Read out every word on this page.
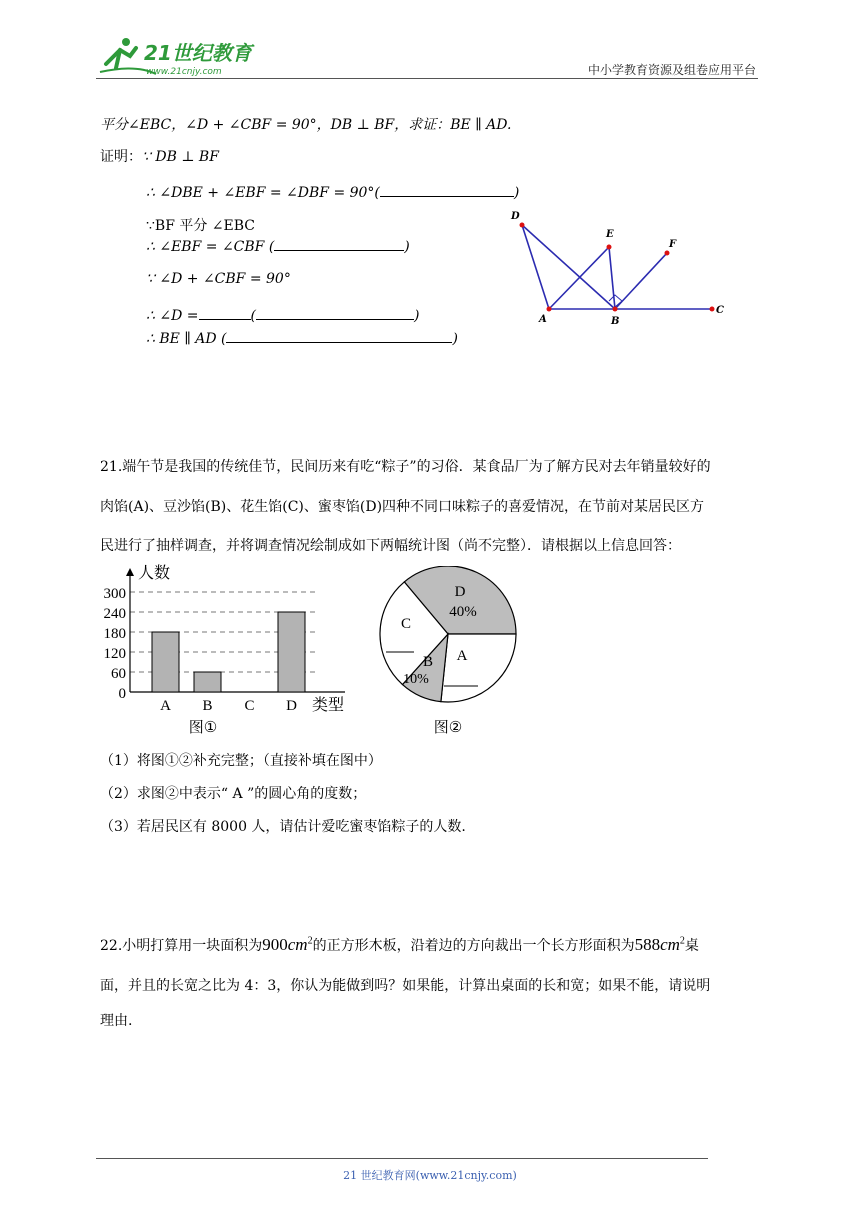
21世纪教育
www.21cnjy.com	中小学教育资源及组卷应用平台
平分∠EBC，∠D + ∠CBF = 90°，DB ⊥ BF，求证：BE ∥ AD.
证明：∵ DB ⊥ BF
∴ ∠DBE + ∠EBF = ∠DBF = 90°(	)
∵BF 平分 ∠EBC
∴ ∠EBF = ∠CBF (	)
∵ ∠D + ∠CBF = 90°
∴ ∠D =	(	)
∴ BE ∥ AD (	)
D
E
F
A	B
C
21.端午节是我国的传统佳节，民间历来有吃“粽子”的习俗．某食品厂为了解方民对去年销量较好的
肉馅(A)、豆沙馅(B)、花生馅(C)、蜜枣馅(D)四种不同口味粽子的喜爱情况，在节前对某居民区方
民进行了抽样调查，并将调查情况绘制成如下两幅统计图（尚不完整）．请根据以上信息回答：
0
60
120
180
240
300
人数
类型
A B C D
图①
D
40%
A
B
10%
C
图②
（1）将图①②补充完整；（直接补填在图中）
（2）求图②中表示“ A ”的圆心角的度数；
（3）若居民区有 8000 人，请估计爱吃蜜枣馅粽子的人数.
22.小明打算用一块面积为$900cm^2$的正方形木板，沿着边的方向裁出一个长方形面积为$588cm^2$桌
面，并且的长宽之比为 4：3，你认为能做到吗？如果能，计算出桌面的长和宽；如果不能，请说明
理由.
21 世纪教育网(www.21cnjy.com)
